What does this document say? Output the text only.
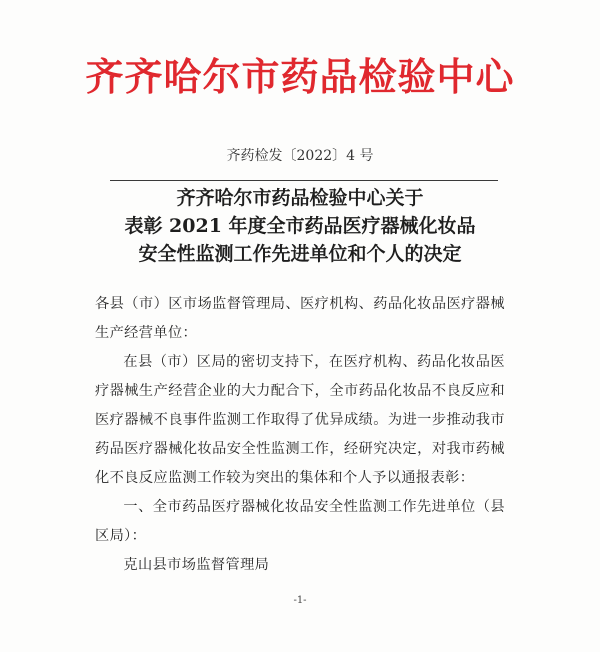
齐齐哈尔市药品检验中心
齐药检发〔2022〕4 号
齐齐哈尔市药品检验中心关于
表彰 2021 年度全市药品医疗器械化妆品
安全性监测工作先进单位和个人的决定

各县（市）区市场监督管理局、医疗机构、药品化妆品医疗器械生产经营单位：

在县（市）区局的密切支持下，在医疗机构、药品化妆品医疗器械生产经营企业的大力配合下，全市药品化妆品不良反应和医疗器械不良事件监测工作取得了优异成绩。为进一步推动我市药品医疗器械化妆品安全性监测工作，经研究决定，对我市药械化不良反应监测工作较为突出的集体和个人予以通报表彰：

一、全市药品医疗器械化妆品安全性监测工作先进单位（县区局）：

克山县市场监督管理局

-1-
